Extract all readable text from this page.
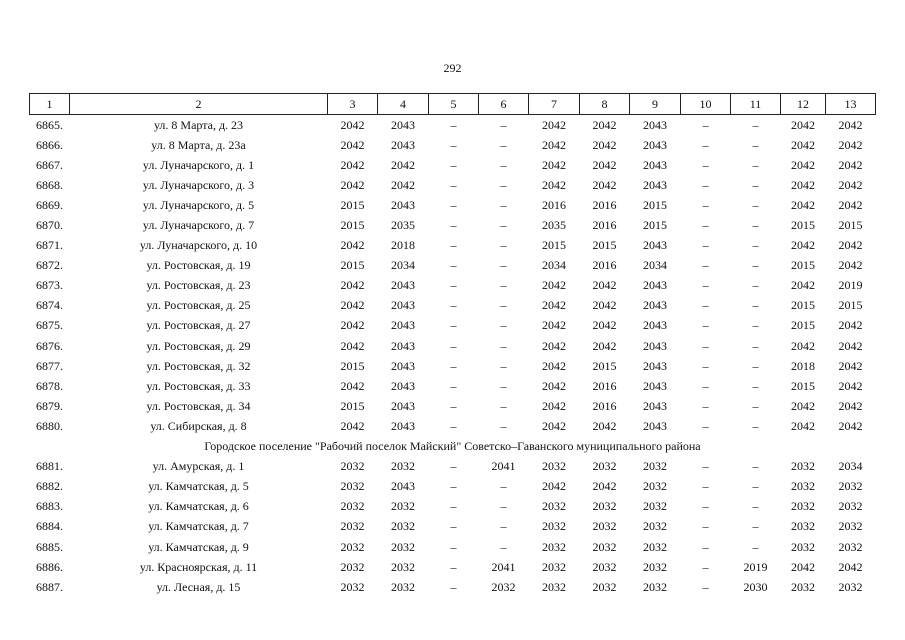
292
1	2	3	4	5	6	7	8	9	10	11	12	13
6865.	ул. 8 Марта, д. 23	2042	2043	–	–	2042	2042	2043	–	–	2042	2042
6866.	ул. 8 Марта, д. 23а	2042	2043	–	–	2042	2042	2043	–	–	2042	2042
6867.	ул. Луначарского, д. 1	2042	2042	–	–	2042	2042	2043	–	–	2042	2042
6868.	ул. Луначарского, д. 3	2042	2042	–	–	2042	2042	2043	–	–	2042	2042
6869.	ул. Луначарского, д. 5	2015	2043	–	–	2016	2016	2015	–	–	2042	2042
6870.	ул. Луначарского, д. 7	2015	2035	–	–	2035	2016	2015	–	–	2015	2015
6871.	ул. Луначарского, д. 10	2042	2018	–	–	2015	2015	2043	–	–	2042	2042
6872.	ул. Ростовская, д. 19	2015	2034	–	–	2034	2016	2034	–	–	2015	2042
6873.	ул. Ростовская, д. 23	2042	2043	–	–	2042	2042	2043	–	–	2042	2019
6874.	ул. Ростовская, д. 25	2042	2043	–	–	2042	2042	2043	–	–	2015	2015
6875.	ул. Ростовская, д. 27	2042	2043	–	–	2042	2042	2043	–	–	2015	2042
6876.	ул. Ростовская, д. 29	2042	2043	–	–	2042	2042	2043	–	–	2042	2042
6877.	ул. Ростовская, д. 32	2015	2043	–	–	2042	2015	2043	–	–	2018	2042
6878.	ул. Ростовская, д. 33	2042	2043	–	–	2042	2016	2043	–	–	2015	2042
6879.	ул. Ростовская, д. 34	2015	2043	–	–	2042	2016	2043	–	–	2042	2042
6880.	ул. Сибирская, д. 8	2042	2043	–	–	2042	2042	2043	–	–	2042	2042
Городское поселение "Рабочий поселок Майский" Советско–Гаванского муниципального района												
6881.	ул. Амурская, д. 1	2032	2032	–	2041	2032	2032	2032	–	–	2032	2034
6882.	ул. Камчатская, д. 5	2032	2043	–	–	2042	2042	2032	–	–	2032	2032
6883.	ул. Камчатская, д. 6	2032	2032	–	–	2032	2032	2032	–	–	2032	2032
6884.	ул. Камчатская, д. 7	2032	2032	–	–	2032	2032	2032	–	–	2032	2032
6885.	ул. Камчатская, д. 9	2032	2032	–	–	2032	2032	2032	–	–	2032	2032
6886.	ул. Красноярская, д. 11	2032	2032	–	2041	2032	2032	2032	–	2019	2042	2042
6887.	ул. Лесная, д. 15	2032	2032	–	2032	2032	2032	2032	–	2030	2032	2032
